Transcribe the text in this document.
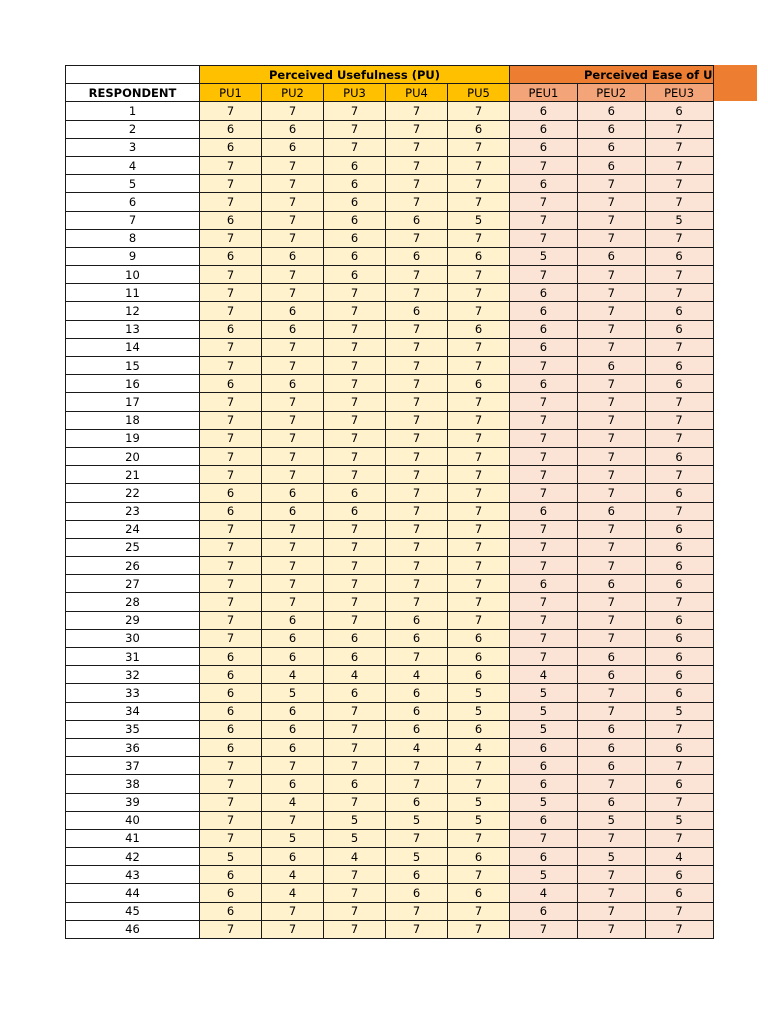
	Perceived Usefulness (PU)					Perceived Ease of U		
RESPONDENT	PU1	PU2	PU3	PU4	PU5	PEU1	PEU2	PEU3
1	7	7	7	7	7	6	6	6
2	6	6	7	7	6	6	6	7
3	6	6	7	7	7	6	6	7
4	7	7	6	7	7	7	6	7
5	7	7	6	7	7	6	7	7
6	7	7	6	7	7	7	7	7
7	6	7	6	6	5	7	7	5
8	7	7	6	7	7	7	7	7
9	6	6	6	6	6	5	6	6
10	7	7	6	7	7	7	7	7
11	7	7	7	7	7	6	7	7
12	7	6	7	6	7	6	7	6
13	6	6	7	7	6	6	7	6
14	7	7	7	7	7	6	7	7
15	7	7	7	7	7	7	6	6
16	6	6	7	7	6	6	7	6
17	7	7	7	7	7	7	7	7
18	7	7	7	7	7	7	7	7
19	7	7	7	7	7	7	7	7
20	7	7	7	7	7	7	7	6
21	7	7	7	7	7	7	7	7
22	6	6	6	7	7	7	7	6
23	6	6	6	7	7	6	6	7
24	7	7	7	7	7	7	7	6
25	7	7	7	7	7	7	7	6
26	7	7	7	7	7	7	7	6
27	7	7	7	7	7	6	6	6
28	7	7	7	7	7	7	7	7
29	7	6	7	6	7	7	7	6
30	7	6	6	6	6	7	7	6
31	6	6	6	7	6	7	6	6
32	6	4	4	4	6	4	6	6
33	6	5	6	6	5	5	7	6
34	6	6	7	6	5	5	7	5
35	6	6	7	6	6	5	6	7
36	6	6	7	4	4	6	6	6
37	7	7	7	7	7	6	6	7
38	7	6	6	7	7	6	7	6
39	7	4	7	6	5	5	6	7
40	7	7	5	5	5	6	5	5
41	7	5	5	7	7	7	7	7
42	5	6	4	5	6	6	5	4
43	6	4	7	6	7	5	7	6
44	6	4	7	6	6	4	7	6
45	6	7	7	7	7	6	7	7
46	7	7	7	7	7	7	7	7
